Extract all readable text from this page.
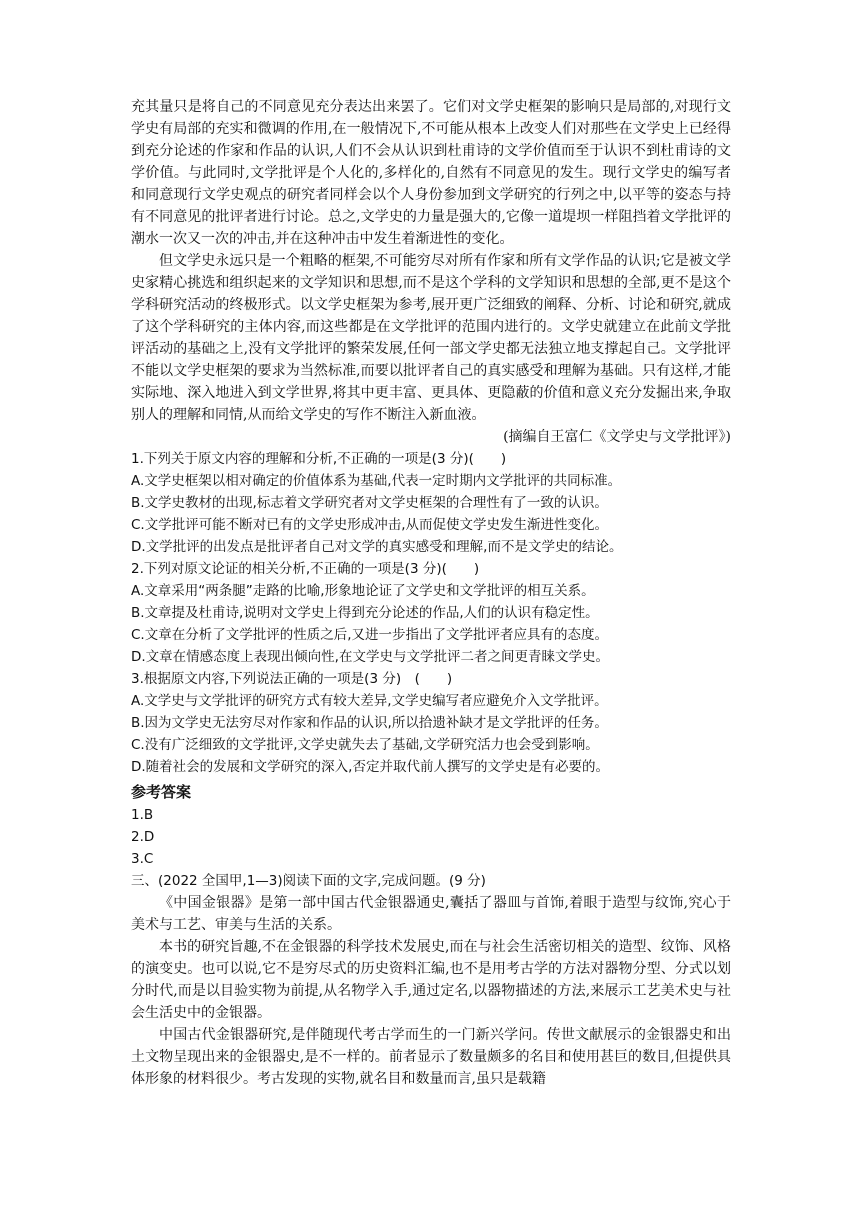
充其量只是将自己的不同意见充分表达出来罢了。它们对文学史框架的影响只是局部的,对现行文学史有局部的充实和微调的作用,在一般情况下,不可能从根本上改变人们对那些在文学史上已经得到充分论述的作家和作品的认识,人们不会从认识到杜甫诗的文学价值而至于认识不到杜甫诗的文学价值。与此同时,文学批评是个人化的,多样化的,自然有不同意见的发生。现行文学史的编写者和同意现行文学史观点的研究者同样会以个人身份参加到文学研究的行列之中,以平等的姿态与持有不同意见的批评者进行讨论。总之,文学史的力量是强大的,它像一道堤坝一样阻挡着文学批评的潮水一次又一次的冲击,并在这种冲击中发生着渐进性的变化。

但文学史永远只是一个粗略的框架,不可能穷尽对所有作家和所有文学作品的认识;它是被文学史家精心挑选和组织起来的文学知识和思想,而不是这个学科的文学知识和思想的全部,更不是这个学科研究活动的终极形式。以文学史框架为参考,展开更广泛细致的阐释、分析、讨论和研究,就成了这个学科研究的主体内容,而这些都是在文学批评的范围内进行的。文学史就建立在此前文学批评活动的基础之上,没有文学批评的繁荣发展,任何一部文学史都无法独立地支撑起自己。文学批评不能以文学史框架的要求为当然标准,而要以批评者自己的真实感受和理解为基础。只有这样,才能实际地、深入地进入到文学世界,将其中更丰富、更具体、更隐蔽的价值和意义充分发掘出来,争取别人的理解和同情,从而给文学史的写作不断注入新血液。

(摘编自王富仁《文学史与文学批评》)

1.下列关于原文内容的理解和分析,不正确的一项是(3 分)(　　)

A.文学史框架以相对确定的价值体系为基础,代表一定时期内文学批评的共同标准。

B.文学史教材的出现,标志着文学研究者对文学史框架的合理性有了一致的认识。

C.文学批评可能不断对已有的文学史形成冲击,从而促使文学史发生渐进性变化。

D.文学批评的出发点是批评者自己对文学的真实感受和理解,而不是文学史的结论。

2.下列对原文论证的相关分析,不正确的一项是(3 分)(　　)

A.文章采用“两条腿”走路的比喻,形象地论证了文学史和文学批评的相互关系。

B.文章提及杜甫诗,说明对文学史上得到充分论述的作品,人们的认识有稳定性。

C.文章在分析了文学批评的性质之后,又进一步指出了文学批评者应具有的态度。

D.文章在情感态度上表现出倾向性,在文学史与文学批评二者之间更青睐文学史。

3.根据原文内容,下列说法正确的一项是(3 分)　(　　)

A.文学史与文学批评的研究方式有较大差异,文学史编写者应避免介入文学批评。

B.因为文学史无法穷尽对作家和作品的认识,所以拾遗补缺才是文学批评的任务。

C.没有广泛细致的文学批评,文学史就失去了基础,文学研究活力也会受到影响。

D.随着社会的发展和文学研究的深入,否定并取代前人撰写的文学史是有必要的。

参考答案

1.B

2.D

3.C

三、(2022 全国甲,1—3)阅读下面的文字,完成问题。(9 分)

《中国金银器》是第一部中国古代金银器通史,囊括了器皿与首饰,着眼于造型与纹饰,究心于美术与工艺、审美与生活的关系。

本书的研究旨趣,不在金银器的科学技术发展史,而在与社会生活密切相关的造型、纹饰、风格的演变史。也可以说,它不是穷尽式的历史资料汇编,也不是用考古学的方法对器物分型、分式以划分时代,而是以目验实物为前提,从名物学入手,通过定名,以器物描述的方法,来展示工艺美术史与社会生活史中的金银器。

中国古代金银器研究,是伴随现代考古学而生的一门新兴学问。传世文献展示的金银器史和出土文物呈现出来的金银器史,是不一样的。前者显示了数量颇多的名目和使用甚巨的数目,但提供具体形象的材料很少。考古发现的实物,就名目和数量而言,虽只是载籍
